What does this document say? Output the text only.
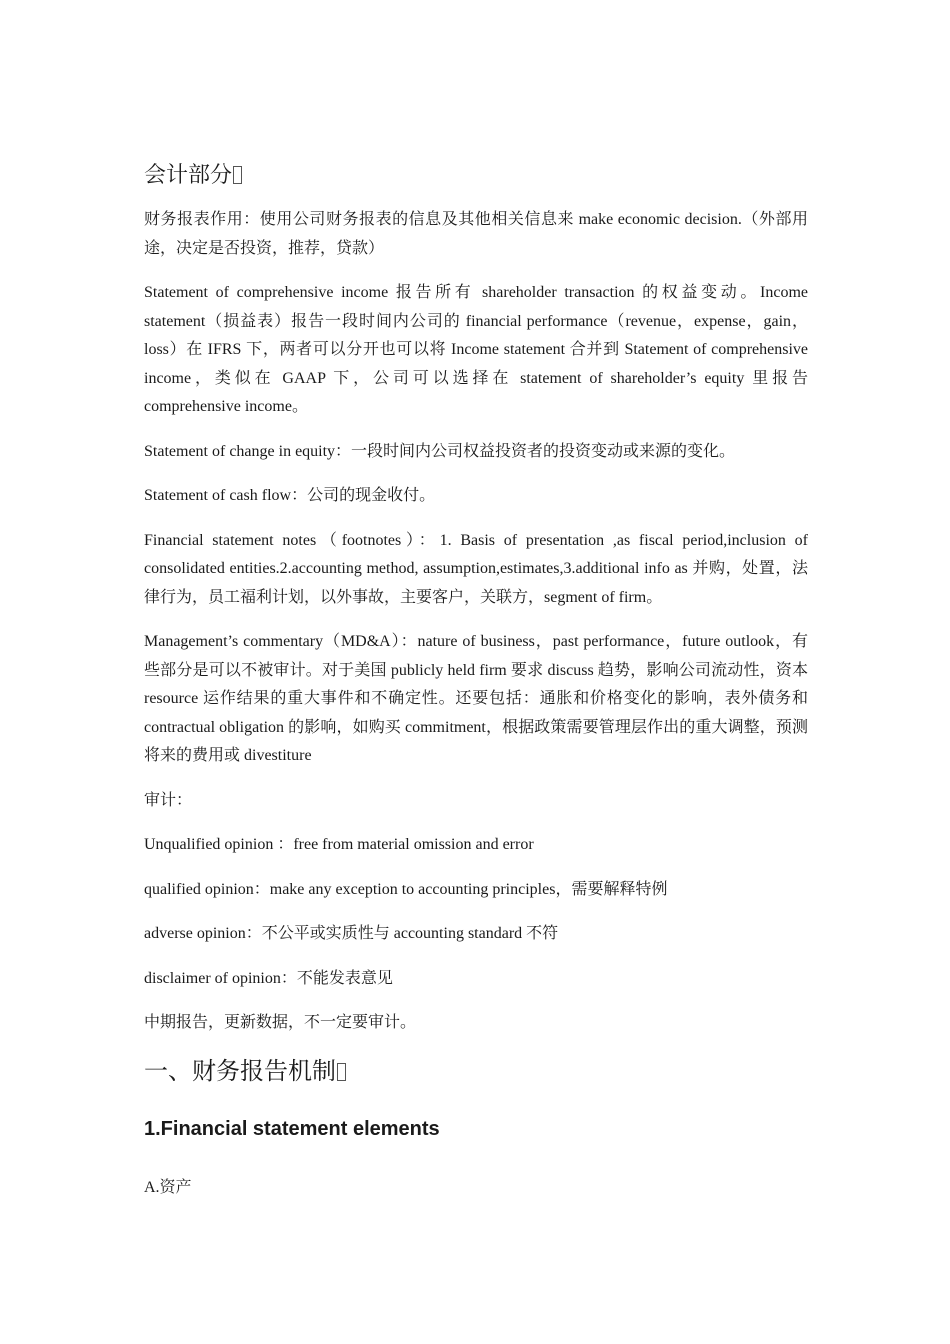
会计部分

财务报表作用：使用公司财务报表的信息及其他相关信息来 make economic decision.（外部用途，决定是否投资，推荐，贷款）

Statement of comprehensive income 报告所有 shareholder transaction 的权益变动。Income statement（损益表）报告一段时间内公司的 financial performance（revenue，expense，gain，loss）在 IFRS 下，两者可以分开也可以将 Income statement 合并到 Statement of comprehensive income，类似在 GAAP 下，公司可以选择在 statement of shareholder’s equity 里报告 comprehensive income。

Statement of change in equity：一段时间内公司权益投资者的投资变动或来源的变化。

Statement of cash flow：公司的现金收付。

Financial statement notes（footnotes）：1. Basis of presentation ,as fiscal period,inclusion of consolidated entities.2.accounting method, assumption,estimates,3.additional info as 并购，处置，法律行为，员工福利计划，以外事故，主要客户，关联方，segment of firm。

Management’s commentary（MD&A）：nature of business，past performance，future outlook，有些部分是可以不被审计。对于美国 publicly held firm 要求 discuss 趋势，影响公司流动性，资本 resource 运作结果的重大事件和不确定性。还要包括：通胀和价格变化的影响，表外债务和 contractual obligation 的影响，如购买 commitment，根据政策需要管理层作出的重大调整，预测将来的费用或 divestiture

审计：

Unqualified opinion ：free from material omission and error

qualified opinion：make any exception to accounting principles，需要解释特例

adverse opinion：不公平或实质性与 accounting standard 不符

disclaimer of opinion：不能发表意见

中期报告，更新数据，不一定要审计。

一、财务报告机制
1.Financial statement elements

A.资产
